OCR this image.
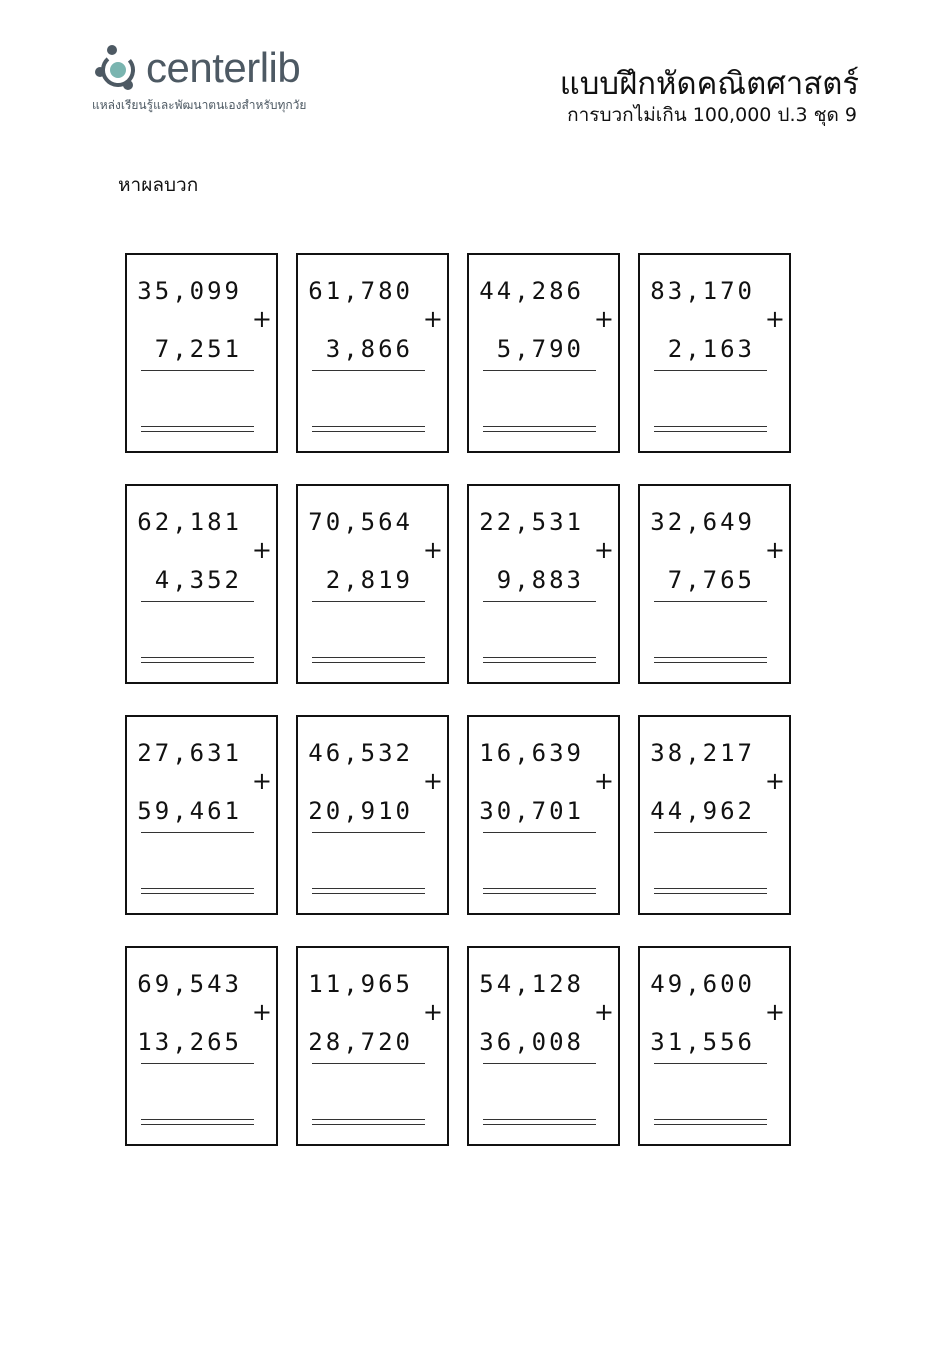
centerlib
แหล่งเรียนรู้และพัฒนาตนเองสำหรับทุกวัย
แบบฝึกหัดคณิตศาสตร์
การบวกไม่เกิน 100,000 ป.3 ชุด 9
หาผลบวก
35,099
+
7,251
61,780
+
3,866
44,286
+
5,790
83,170
+
2,163
62,181
+
4,352
70,564
+
2,819
22,531
+
9,883
32,649
+
7,765
27,631
+
59,461
46,532
+
20,910
16,639
+
30,701
38,217
+
44,962
69,543
+
13,265
11,965
+
28,720
54,128
+
36,008
49,600
+
31,556
